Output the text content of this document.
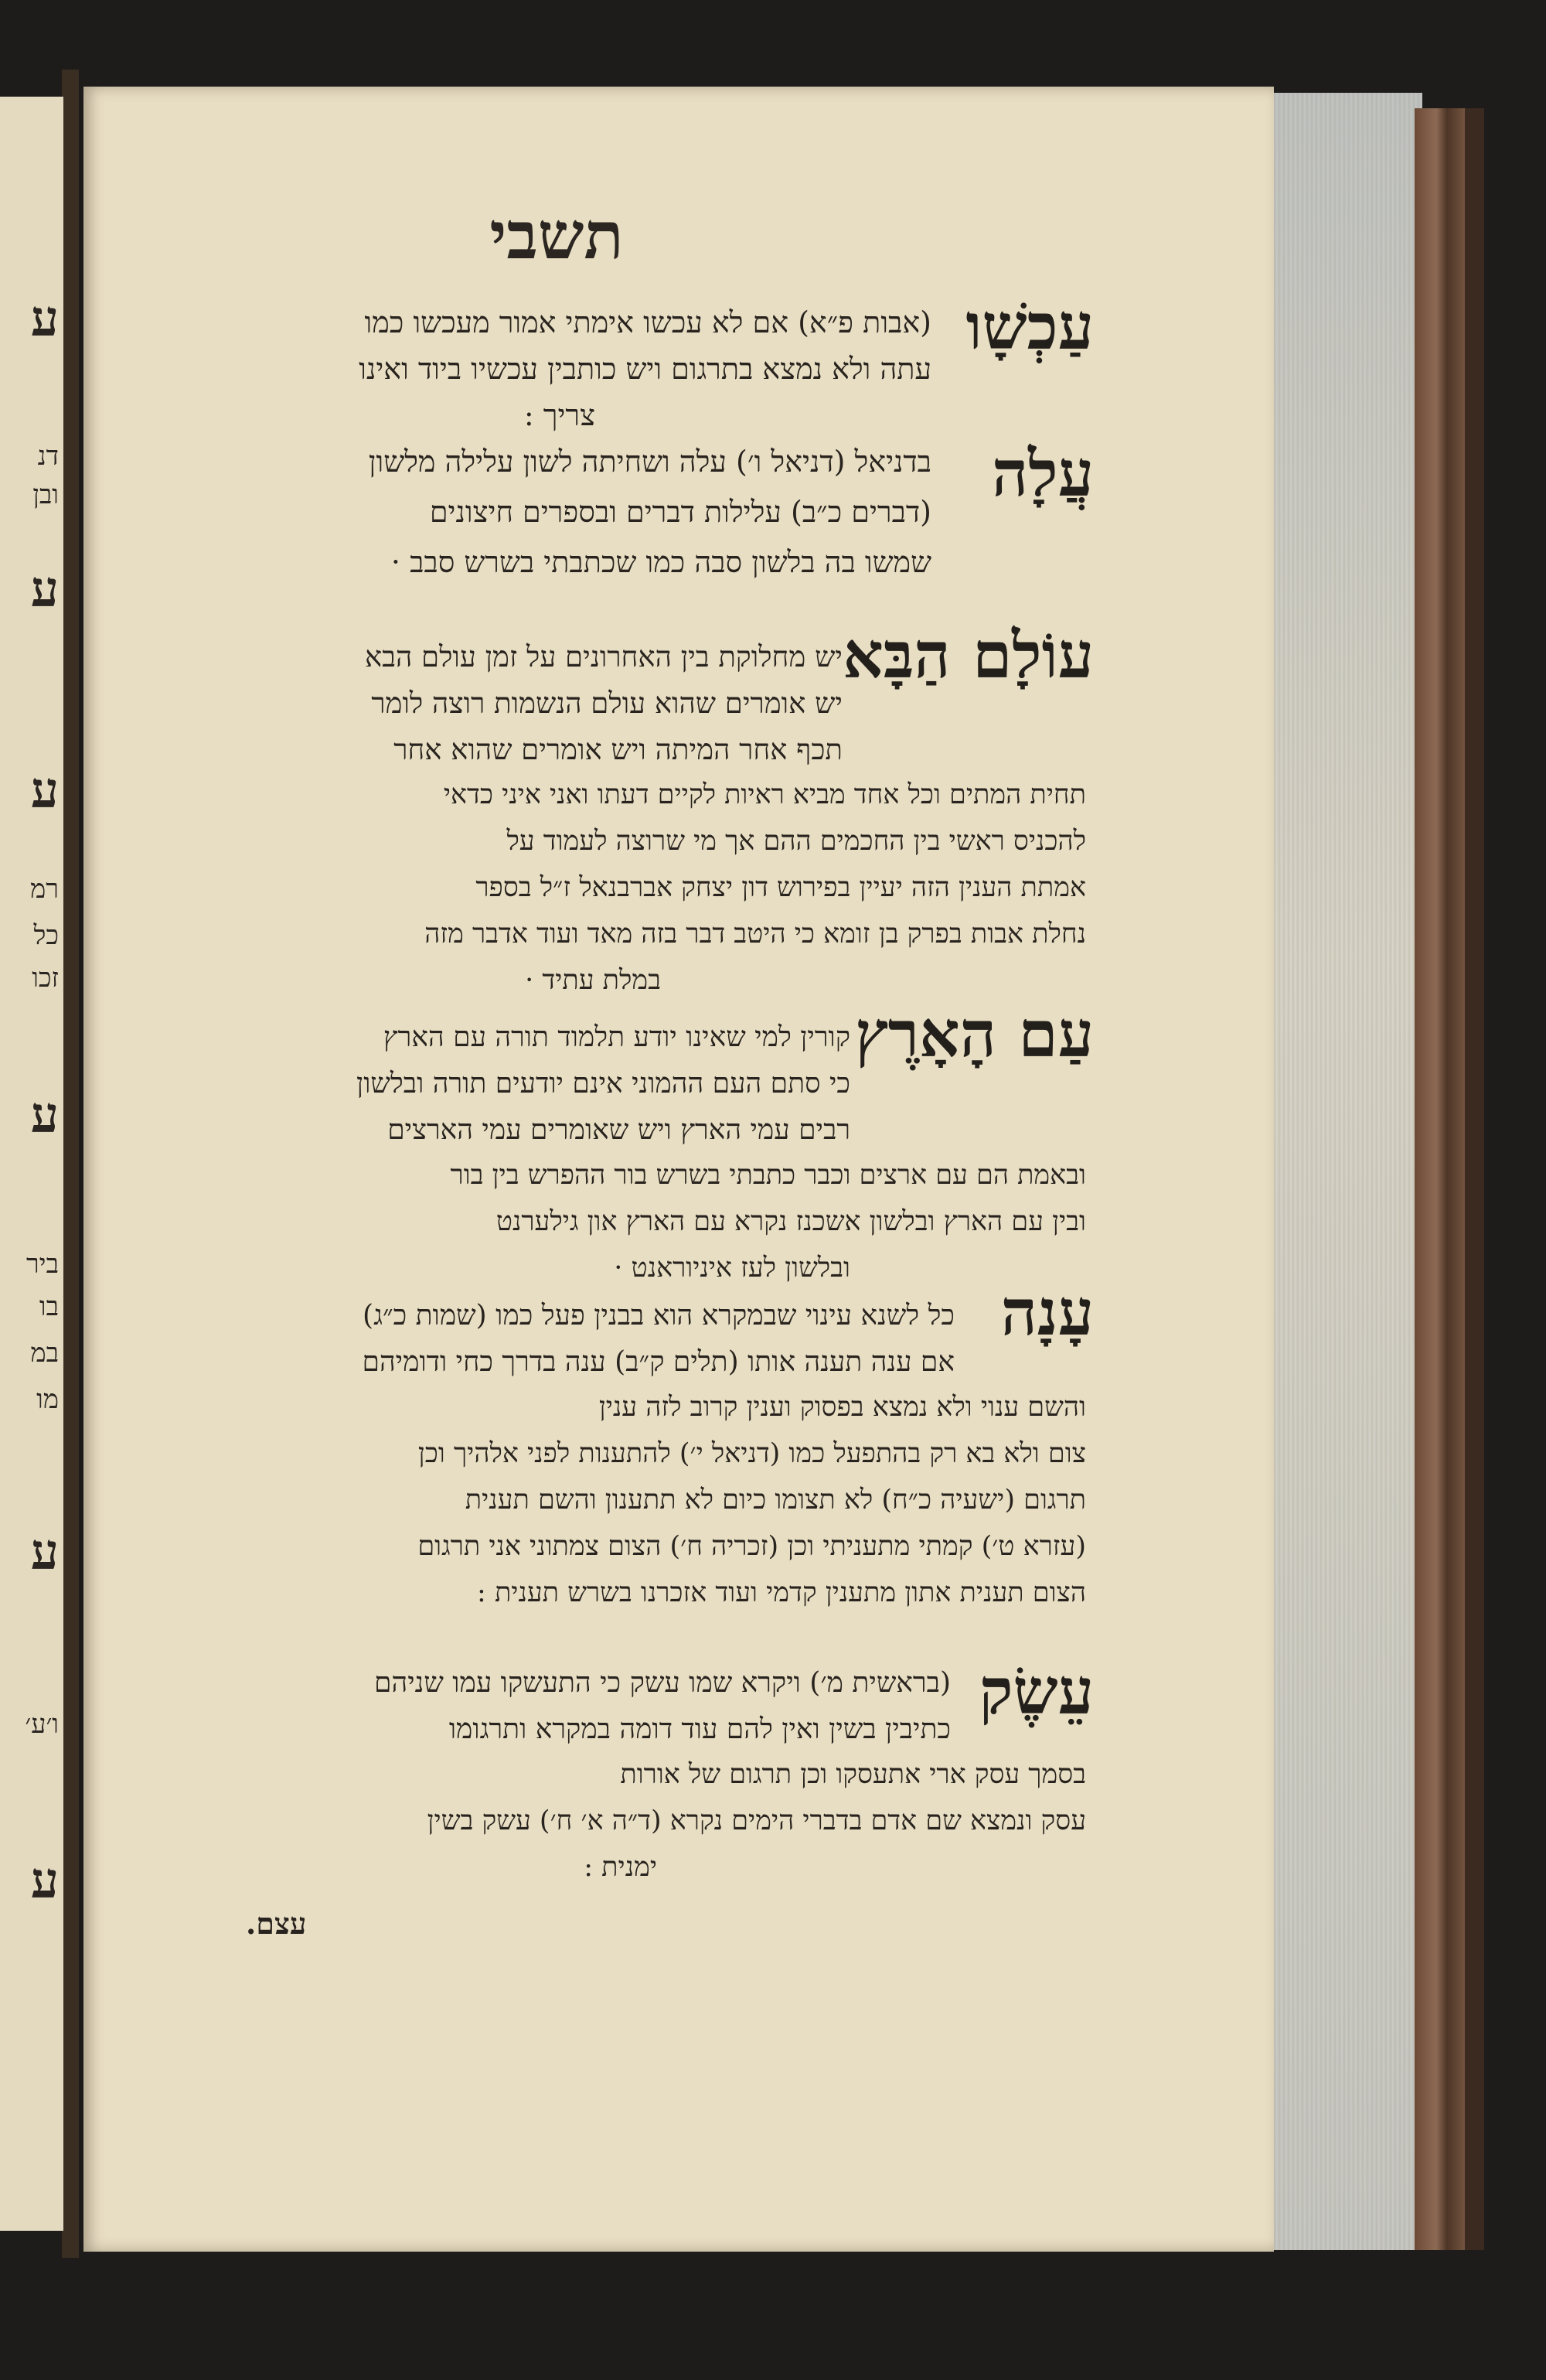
ע
דנ
ובן
ע
ע
רמ
כל
זכו
ע
ביר
בו
במ
מו
ע
ו׳ע׳
ע
תשבי
עַכְשָׁו
(אבות פ״א) אם לא עכשו אימתי אמור מעכשו כמו
עתה ולא נמצא בתרגום ויש כותבין עכשיו ביוד ואינו
צריך :
עֲלָה
בדניאל (דניאל ו׳) עלה ושחיתה לשון עלילה מלשון
(דברים כ״ב) עלילות דברים ובספרים חיצונים
שמשו בה בלשון סבה כמו שכתבתי בשרש סבב ·
עוֹלָם הַבָּא
יש מחלוקת בין האחרונים על זמן עולם הבא
יש אומרים שהוא עולם הנשמות רוצה לומר
תכף אחר המיתה ויש אומרים שהוא אחר
תחית המתים וכל אחד מביא ראיות לקיים דעתו ואני איני כדאי
להכניס ראשי בין החכמים ההם אך מי שרוצה לעמוד על
אמתת הענין הזה יעיין בפירוש דון יצחק אברבנאל ז״ל בספר
נחלת אבות בפרק בן זומא כי היטב דבר בזה מאד ועוד אדבר מזה
במלת עתיד ·
עַם הָאָרֶץ
קורין למי שאינו יודע תלמוד תורה עם הארץ
כי סתם העם ההמוני אינם יודעים תורה ובלשון
רבים עמי הארץ ויש שאומרים עמי הארצים
ובאמת הם עם ארצים וכבר כתבתי בשרש בור ההפרש בין בור
ובין עם הארץ ובלשון אשכנז נקרא עם הארץ און גילערנט
ובלשון לעז איניוראנט ·
עָנָה
כל לשנא עינוי שבמקרא הוא בבנין פעל כמו (שמות כ״ג)
אם ענה תענה אותו (תלים ק״ב) ענה בדרך כחי ודומיהם
והשם ענוי ולא נמצא בפסוק וענין קרוב לזה ענין
צום ולא בא רק בהתפעל כמו (דניאל י׳) להתענות לפני אלהיך וכן
תרגום (ישעיה כ״ח) לא תצומו כיום לא תתענון והשם תענית
(עזרא ט׳) קמתי מתעניתי וכן (זכריה ח׳) הצום צמתוני אני תרגום
הצום תענית אתון מתענין קדמי ועוד אזכרנו בשרש תענית :
עֵשֶׂק
(בראשית מ׳) ויקרא שמו עשק כי התעשקו עמו שניהם
כתיבין בשין ואין להם עוד דומה במקרא ותרגומו
בסמך עסק ארי אתעסקו וכן תרגום של אורות
עסק ונמצא שם אדם בדברי הימים נקרא (ד״ה א׳ ח׳) עשק בשין
ימנית :
עצם.
